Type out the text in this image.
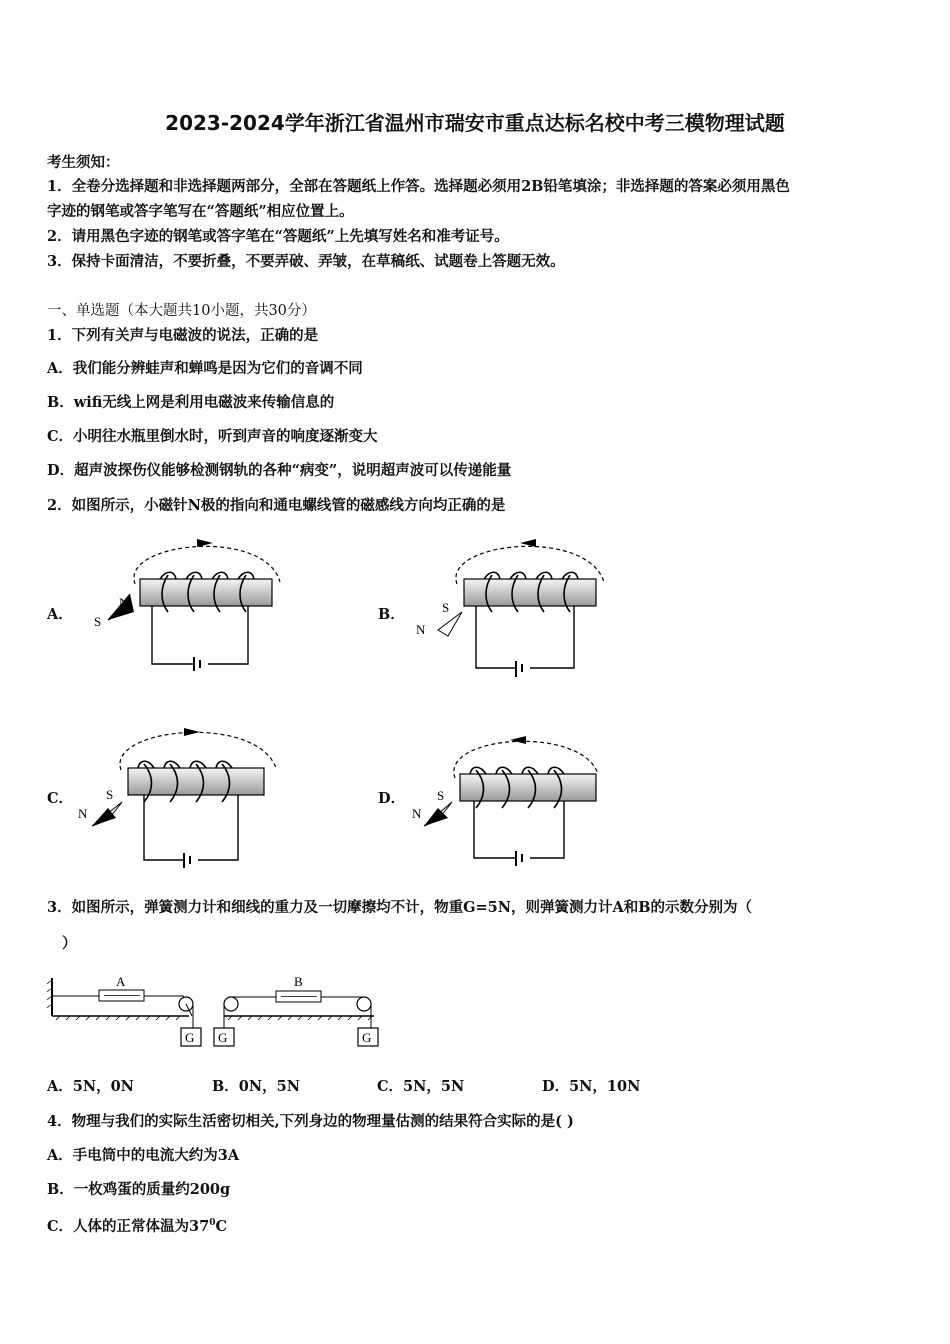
2023-2024学年浙江省温州市瑞安市重点达标名校中考三模物理试题
考生须知：
1．全卷分选择题和非选择题两部分，全部在答题纸上作答。选择题必须用2B铅笔填涂；非选择题的答案必须用黑色
字迹的钢笔或答字笔写在“答题纸”相应位置上。
2．请用黑色字迹的钢笔或答字笔在“答题纸”上先填写姓名和准考证号。
3．保持卡面清洁，不要折叠，不要弄破、弄皱，在草稿纸、试题卷上答题无效。
一、单选题（本大题共10小题，共30分）
1．下列有关声与电磁波的说法，正确的是
A．我们能分辨蛙声和蝉鸣是因为它们的音调不同
B．wifi无线上网是利用电磁波来传输信息的
C．小明往水瓶里倒水时，听到声音的响度逐渐变大
D．超声波探伤仪能够检测钢轨的各种“病变”，说明超声波可以传递能量
2．如图所示，小磁针N极的指向和通电螺线管的磁感线方向均正确的是
A．
N
S	B．	S
N
C．	S
N
D． S
N
3．如图所示，弹簧测力计和细线的重力及一切摩擦均不计，物重G=5N，则弹簧测力计A和B的示数分别为（
）
A
G
B
G	G
A．5N，0N	B．0N，5N	C．5N，5N	D．5N，10N
4．物理与我们的实际生活密切相关,下列身边的物理量估测的结果符合实际的是( )
A．手电筒中的电流大约为3A
B．一枚鸡蛋的质量约200g
C．人体的正常体温为$37^0C$
